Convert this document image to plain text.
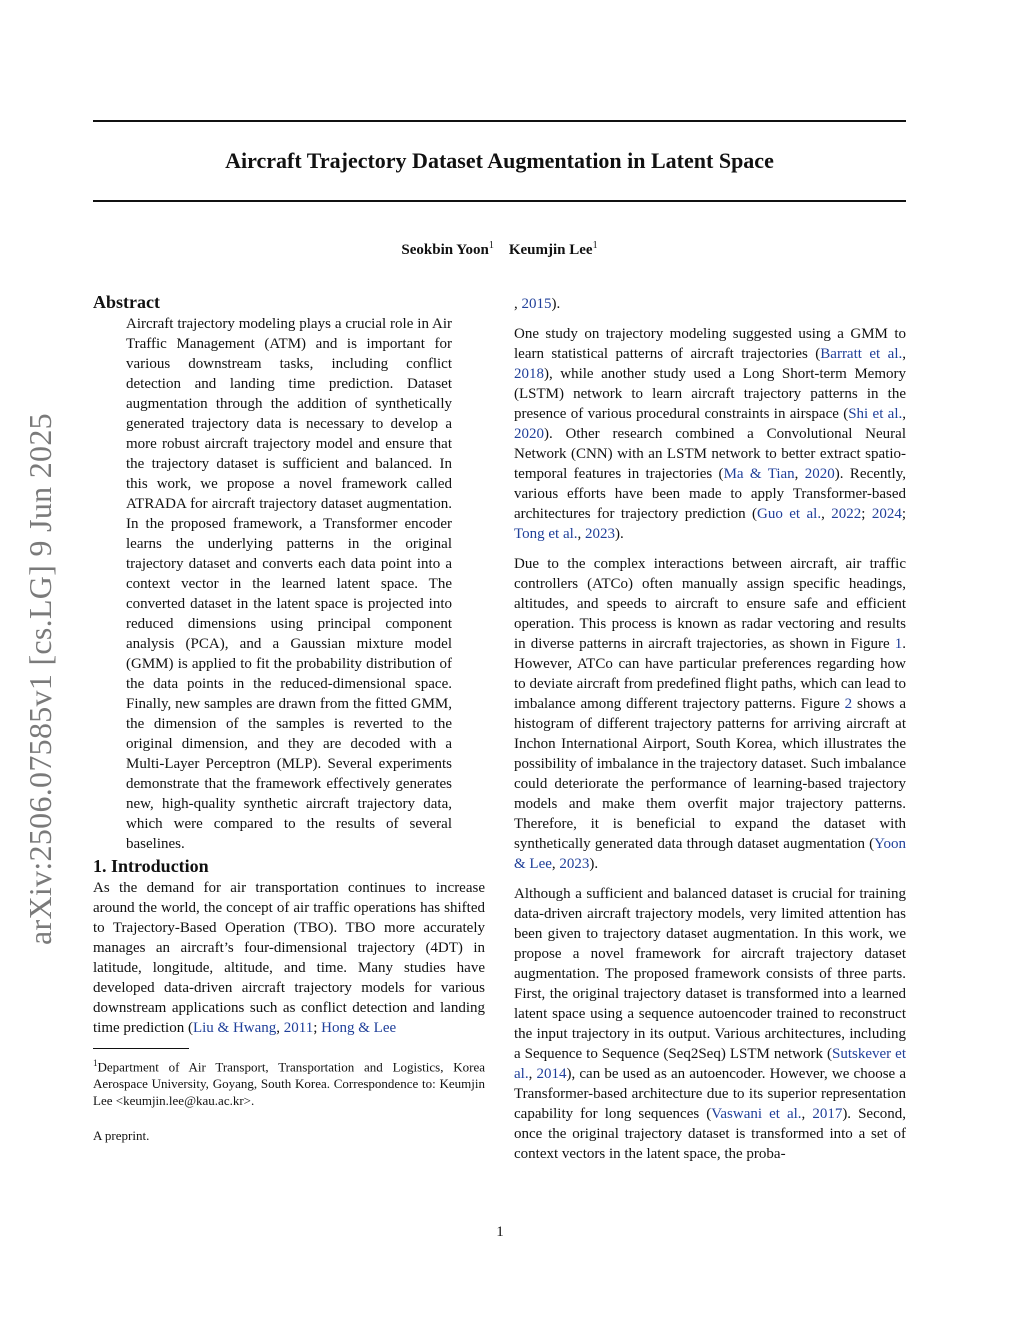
arXiv:2506.07585v1 [cs.LG] 9 Jun 2025
Aircraft Trajectory Dataset Augmentation in Latent Space
Seokbin Yoon$^1$ Keumjin Lee$^1$

Abstract

Aircraft trajectory modeling plays a crucial role in Air Traffic Management (ATM) and is important for various downstream tasks, including conflict detection and landing time prediction. Dataset augmentation through the addition of synthetically generated trajectory data is necessary to develop a more robust aircraft trajectory model and ensure that the trajectory dataset is sufficient and balanced. In this work, we propose a novel framework called ATRADA for aircraft trajectory dataset augmentation. In the proposed framework, a Transformer encoder learns the underlying patterns in the original trajectory dataset and converts each data point into a context vector in the learned latent space. The converted dataset in the latent space is projected into reduced dimensions using principal component analysis (PCA), and a Gaussian mixture model (GMM) is applied to fit the probability distribution of the data points in the reduced-dimensional space. Finally, new samples are drawn from the fitted GMM, the dimension of the samples is reverted to the original dimension, and they are decoded with a Multi-Layer Perceptron (MLP). Several experiments demonstrate that the framework effectively generates new, high-quality synthetic aircraft trajectory data, which were compared to the results of several baselines.

1. Introduction

As the demand for air transportation continues to increase around the world, the concept of air traffic operations has shifted to Trajectory-Based Operation (TBO). TBO more accurately manages an aircraft’s four-dimensional trajectory (4DT) in latitude, longitude, altitude, and time. Many studies have developed data-driven aircraft trajectory models for various downstream applications such as conflict detection and landing time prediction (Liu & Hwang, 2011; Hong & Lee

$^1$Department of Air Transport, Transportation and Logistics, Korea Aerospace University, Goyang, South Korea. Correspondence to: Keumjin Lee <keumjin.lee@kau.ac.kr>.

A preprint.

, 2015).

One study on trajectory modeling suggested using a GMM to learn statistical patterns of aircraft trajectories (Barratt et al., 2018), while another study used a Long Short-term Memory (LSTM) network to learn aircraft trajectory patterns in the presence of various procedural constraints in airspace (Shi et al., 2020). Other research combined a Convolutional Neural Network (CNN) with an LSTM network to better extract spatio-temporal features in trajectories (Ma & Tian, 2020). Recently, various efforts have been made to apply Transformer-based architectures for trajectory prediction (Guo et al., 2022; 2024; Tong et al., 2023).

Due to the complex interactions between aircraft, air traffic controllers (ATCo) often manually assign specific headings, altitudes, and speeds to aircraft to ensure safe and efficient operation. This process is known as radar vectoring and results in diverse patterns in aircraft trajectories, as shown in Figure 1. However, ATCo can have particular preferences regarding how to deviate aircraft from predefined flight paths, which can lead to imbalance among different trajectory patterns. Figure 2 shows a histogram of different trajectory patterns for arriving aircraft at Inchon International Airport, South Korea, which illustrates the possibility of imbalance in the trajectory dataset. Such imbalance could deteriorate the performance of learning-based trajectory models and make them overfit major trajectory patterns. Therefore, it is beneficial to expand the dataset with synthetically generated data through dataset augmentation (Yoon & Lee, 2023).

Although a sufficient and balanced dataset is crucial for training data-driven aircraft trajectory models, very limited attention has been given to trajectory dataset augmentation. In this work, we propose a novel framework for aircraft trajectory dataset augmentation. The proposed framework consists of three parts. First, the original trajectory dataset is transformed into a learned latent space using a sequence autoencoder trained to reconstruct the input trajectory in its output. Various architectures, including a Sequence to Sequence (Seq2Seq) LSTM network (Sutskever et al., 2014), can be used as an autoencoder. However, we choose a Transformer-based architecture due to its superior representation capability for long sequences (Vaswani et al., 2017). Second, once the original trajectory dataset is transformed into a set of context vectors in the latent space, the proba-

1
